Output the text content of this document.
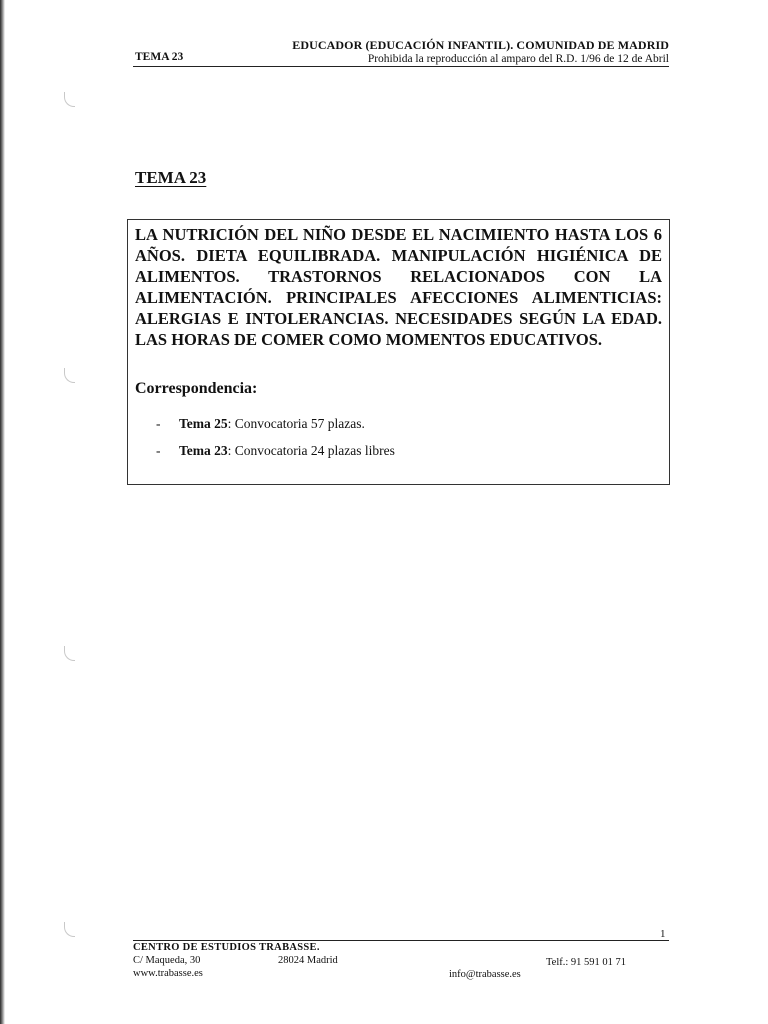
EDUCADOR (EDUCACIÓN INFANTIL). COMUNIDAD DE MADRID
TEMA 23	Prohibida la reproducción al amparo del R.D. 1/96 de 12 de Abril
TEMA 23

LA NUTRICIÓN DEL NIÑO DESDE EL NACIMIENTO HASTA LOS 6 AÑOS. DIETA EQUILIBRADA. MANIPULACIÓN HIGIÉNICA DE ALIMENTOS. TRASTORNOS RELACIONADOS CON LA ALIMENTACIÓN. PRINCIPALES AFECCIONES ALIMENTICIAS: ALERGIAS E INTOLERANCIAS. NECESIDADES SEGÚN LA EDAD. LAS HORAS DE COMER COMO MOMENTOS EDUCATIVOS.

Correspondencia:

- Tema 25: Convocatoria 57 plazas.
- Tema 23: Convocatoria 24 plazas libres
1
CENTRO DE ESTUDIOS TRABASSE.
C/ Maqueda, 30	28024 Madrid	Telf.: 91 591 01 71
www.trabasse.es	info@trabasse.es
